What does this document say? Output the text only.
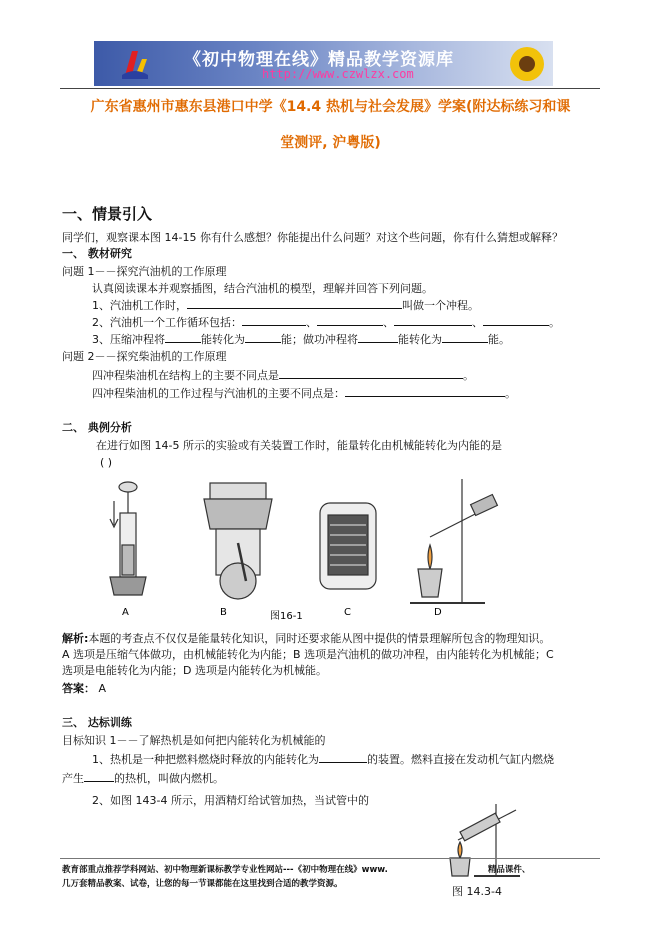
《初中物理在线》精品教学资源库
http://www.czwlzx.com
广东省惠州市惠东县港口中学《14.4 热机与社会发展》学案(附达标练习和课
堂测评, 沪粤版)
一、情景引入
同学们，观察课本图 14-15 你有什么感想？你能提出什么问题？对这个些问题，你有什么猜想或解释？
一、 教材研究
问题 1－－探究汽油机的工作原理
认真阅读课本并观察插图，结合汽油机的模型，理解并回答下列问题。
1、汽油机工作时，	叫做一个冲程。
2、汽油机一个工作循环包括：	、	、	、	。
3、压缩冲程将	能转化为	能；做功冲程将	能转化为	能。
问题 2－－探究柴油机的工作原理
四冲程柴油机在结构上的主要不同点是	。
四冲程柴油机的工作过程与汽油机的主要不同点是：	。
二、 典例分析
在进行如图 14-5 所示的实验或有关装置工作时，能量转化由机械能转化为内能的是
( )
A	B	C	D
图16-1
解析:本题的考查点不仅仅是能量转化知识，同时还要求能从图中提供的情景理解所包含的物理知识。
A 选项是压缩气体做功，由机械能转化为内能；B 选项是汽油机的做功冲程，由内能转化为机械能；C
选项是电能转化为内能；D 选项是内能转化为机械能。
答案： A
三、 达标训练
目标知识 1－－了解热机是如何把内能转化为机械能的
1、热机是一种把燃料燃烧时释放的内能转化为	的装置。燃料直接在发动机气缸内燃烧
产生	的热机，叫做内燃机。
2、如图 143-4 所示，用酒精灯给试管加热，当试管中的
图 14.3-4
教育部重点推荐学科网站、初中物理新课标教学专业性网站---《初中物理在线》www.	精品课件、
几万套精品教案、试卷，让您的每一节课都能在这里找到合适的教学资源。
